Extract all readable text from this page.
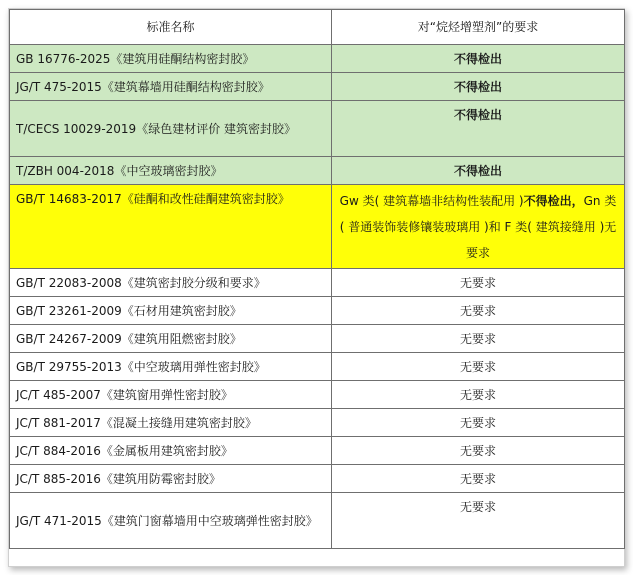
标准名称	对“烷烃增塑剂”的要求
GB 16776-2025《建筑用硅酮结构密封胶》	不得检出
JG/T 475-2015《建筑幕墙用硅酮结构密封胶》	不得检出
T/CECS 10029-2019《绿色建材评价 建筑密封胶》	不得检出
T/ZBH 004-2018《中空玻璃密封胶》	不得检出
GB/T 14683-2017《硅酮和改性硅酮建筑密封胶》	Gw 类( 建筑幕墙非结构性装配用 )不得检出，Gn 类( 普通装饰装修镶装玻璃用 )和 F 类( 建筑接缝用 )无要求
GB/T 22083-2008《建筑密封胶分级和要求》	无要求
GB/T 23261-2009《石材用建筑密封胶》	无要求
GB/T 24267-2009《建筑用阻燃密封胶》	无要求
GB/T 29755-2013《中空玻璃用弹性密封胶》	无要求
JC/T 485-2007《建筑窗用弹性密封胶》	无要求
JC/T 881-2017《混凝土接缝用建筑密封胶》	无要求
JC/T 884-2016《金属板用建筑密封胶》	无要求
JC/T 885-2016《建筑用防霉密封胶》	无要求
JG/T 471-2015《建筑门窗幕墙用中空玻璃弹性密封胶》	无要求
